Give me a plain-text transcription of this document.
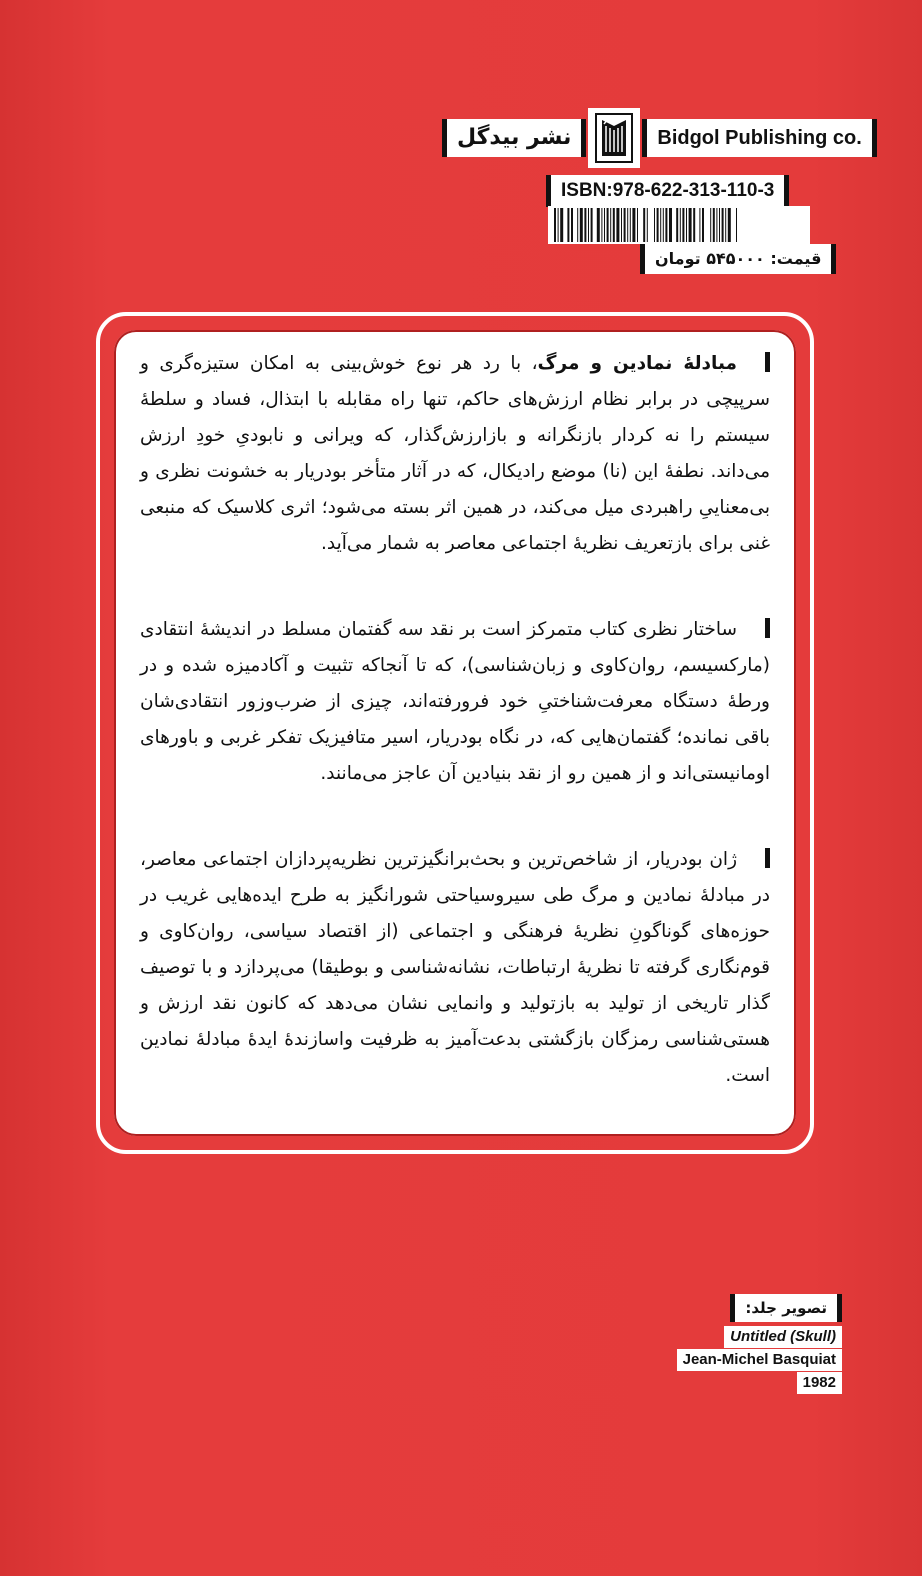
نشر بیدگل	Bidgol Publishing co.
ISBN:978-622-313-110-3
قیمت: ۵۴۵۰۰۰ تومان

مبادلهٔ نمادین و مرگ، با رد هر نوع خوش‌بینی به امکان ستیزه‌گری و سرپیچی در برابر نظام ارزش‌های حاکم، تنها راه مقابله با ابتذال، فساد و سلطهٔ سیستم را نه کردار بازنگرانه و بازارزش‌گذار، که ویرانی و نابودیِ خودِ ارزش می‌داند. نطفهٔ این (نا) موضع رادیکال، که در آثار متأخر بودریار به خشونت نظری و بی‌معناییِ راهبردی میل می‌کند، در همین اثر بسته می‌شود؛ اثری کلاسیک که منبعی غنی برای بازتعریف نظریهٔ اجتماعی معاصر به شمار می‌آید.

ساختار نظری کتاب متمرکز است بر نقد سه گفتمان مسلط در اندیشهٔ انتقادی (مارکسیسم، روان‌کاوی و زبان‌شناسی)، که تا آنجاکه تثبیت و آکادمیزه شده و در ورطهٔ دستگاه معرفت‌شناختیِ خود فرورفته‌اند، چیزی از ضرب‌وزور انتقادی‌شان باقی نمانده؛ گفتمان‌هایی که، در نگاه بودریار، اسیر متافیزیک تفکر غربی و باورهای اومانیستی‌اند و از همین رو از نقد بنیادین آن عاجز می‌مانند.

ژان بودریار، از شاخص‌ترین و بحث‌برانگیزترین نظریه‌پردازان اجتماعی معاصر، در مبادلهٔ نمادین و مرگ طی سیروسیاحتی شورانگیز به طرح ایده‌هایی غریب در حوزه‌های گوناگونِ نظریهٔ فرهنگی و اجتماعی (از اقتصاد سیاسی، روان‌کاوی و قوم‌نگاری گرفته تا نظریهٔ ارتباطات، نشانه‌شناسی و بوطیقا) می‌پردازد و با توصیف گذار تاریخی از تولید به بازتولید و وانمایی نشان می‌دهد که کانون نقد ارزش و هستی‌شناسی رمزگان بازگشتی بدعت‌آمیز به ظرفیت واسازندهٔ ایدهٔ مبادلهٔ نمادین است.

تصویر جلد:
Untitled (Skull)
Jean-Michel Basquiat
1982
